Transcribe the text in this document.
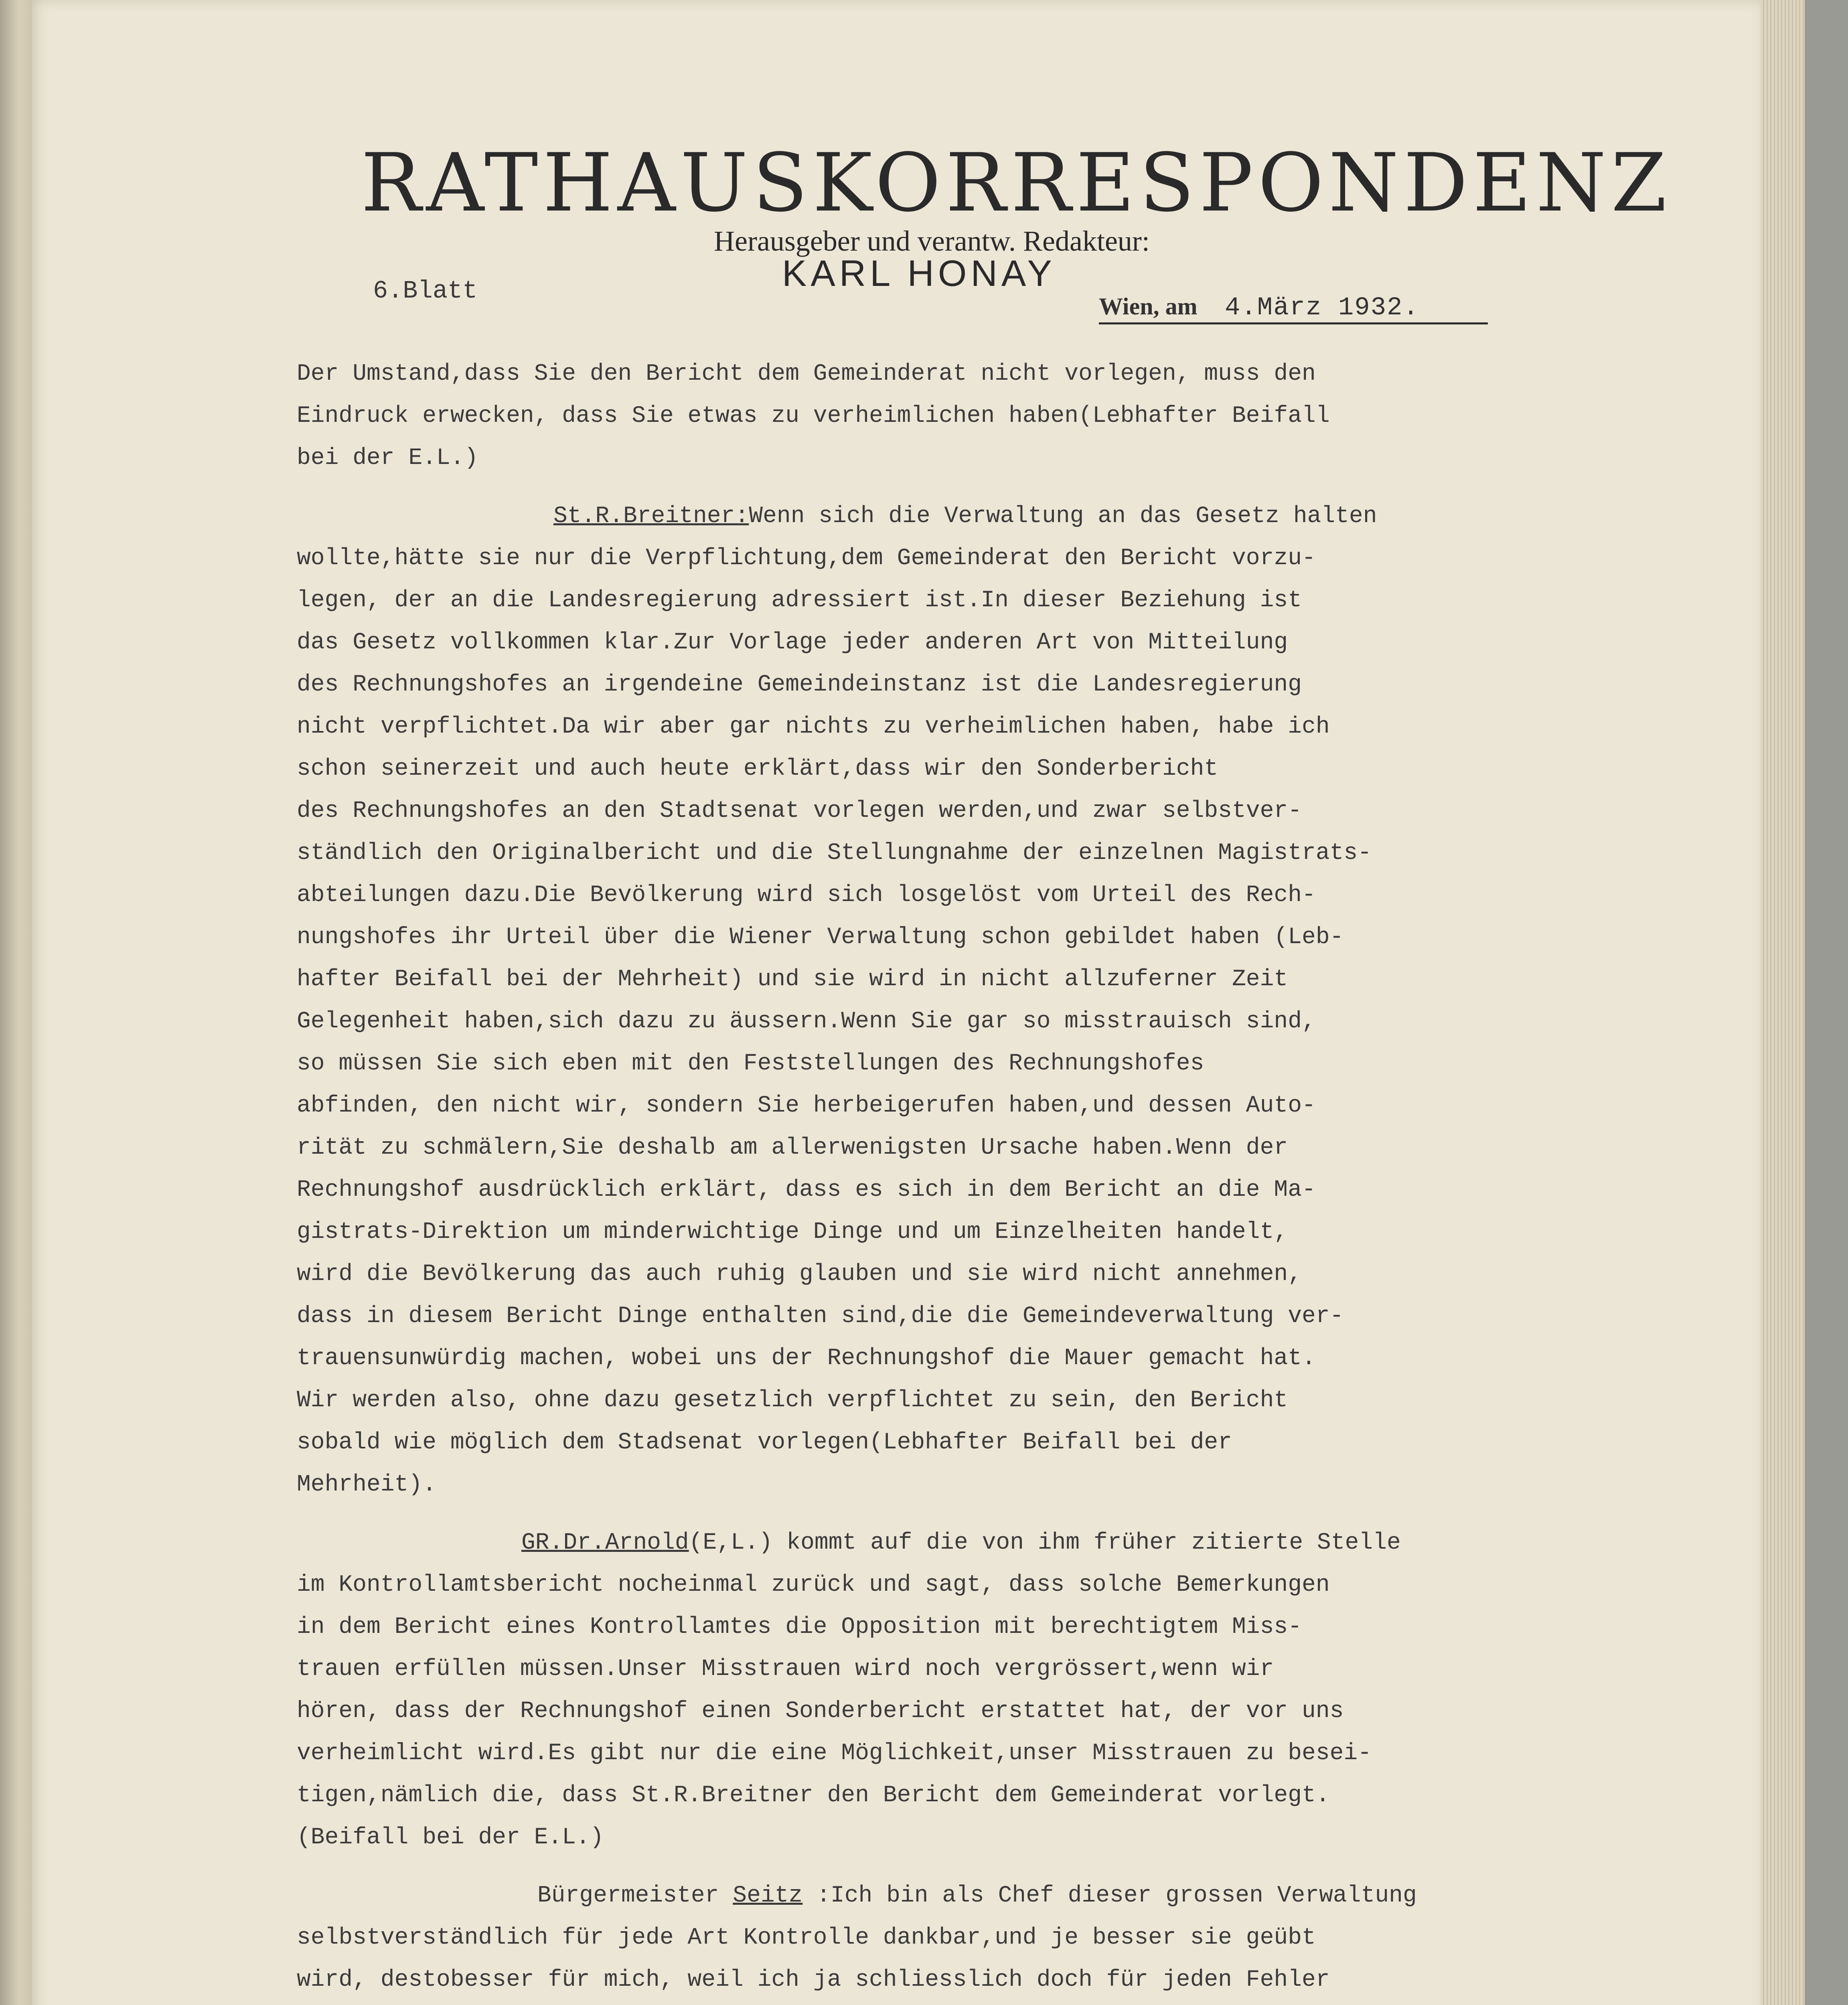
RATHAUSKORRESPONDENZ
Herausgeber und verantw. Redakteur:
KARL HONAY
6.Blatt
Wien, am 4.März 1932.
Der Umstand,dass Sie den Bericht dem Gemeinderat nicht vorlegen, muss den
Eindruck erwecken, dass Sie etwas zu verheimlichen haben(Lebhafter Beifall
bei der E.L.)
St.R.Breitner:Wenn sich die Verwaltung an das Gesetz halten
wollte,hätte sie nur die Verpflichtung,dem Gemeinderat den Bericht vorzu-
legen, der an die Landesregierung adressiert ist.In dieser Beziehung ist
das Gesetz vollkommen klar.Zur Vorlage jeder anderen Art von Mitteilung
des Rechnungshofes an irgendeine Gemeindeinstanz ist die Landesregierung
nicht verpflichtet.Da wir aber gar nichts zu verheimlichen haben, habe ich
schon seinerzeit und auch heute erklärt,dass wir den Sonderbericht
des Rechnungshofes an den Stadtsenat vorlegen werden,und zwar selbstver-
ständlich den Originalbericht und die Stellungnahme der einzelnen Magistrats-
abteilungen dazu.Die Bevölkerung wird sich losgelöst vom Urteil des Rech-
nungshofes ihr Urteil über die Wiener Verwaltung schon gebildet haben (Leb-
hafter Beifall bei der Mehrheit) und sie wird in nicht allzuferner Zeit
Gelegenheit haben,sich dazu zu äussern.Wenn Sie gar so misstrauisch sind,
so müssen Sie sich eben mit den Feststellungen des Rechnungshofes
abfinden, den nicht wir, sondern Sie herbeigerufen haben,und dessen Auto-
rität zu schmälern,Sie deshalb am allerwenigsten Ursache haben.Wenn der
Rechnungshof ausdrücklich erklärt, dass es sich in dem Bericht an die Ma-
gistrats-Direktion um minderwichtige Dinge und um Einzelheiten handelt,
wird die Bevölkerung das auch ruhig glauben und sie wird nicht annehmen,
dass in diesem Bericht Dinge enthalten sind,die die Gemeindeverwaltung ver-
trauensunwürdig machen, wobei uns der Rechnungshof die Mauer gemacht hat.
Wir werden also, ohne dazu gesetzlich verpflichtet zu sein, den Bericht
sobald wie möglich dem Stadsenat vorlegen(Lebhafter Beifall bei der
Mehrheit).
GR.Dr.Arnold(E,L.) kommt auf die von ihm früher zitierte Stelle
im Kontrollamtsbericht nocheinmal zurück und sagt, dass solche Bemerkungen
in dem Bericht eines Kontrollamtes die Opposition mit berechtigtem Miss-
trauen erfüllen müssen.Unser Misstrauen wird noch vergrössert,wenn wir
hören, dass der Rechnungshof einen Sonderbericht erstattet hat, der vor uns
verheimlicht wird.Es gibt nur die eine Möglichkeit,unser Misstrauen zu besei-
tigen,nämlich die, dass St.R.Breitner den Bericht dem Gemeinderat vorlegt.
(Beifall bei der E.L.)
Bürgermeister Seitz :Ich bin als Chef dieser grossen Verwaltung
selbstverständlich für jede Art Kontrolle dankbar,und je besser sie geübt
wird, destobesser für mich, weil ich ja schliesslich doch für jeden Fehler
